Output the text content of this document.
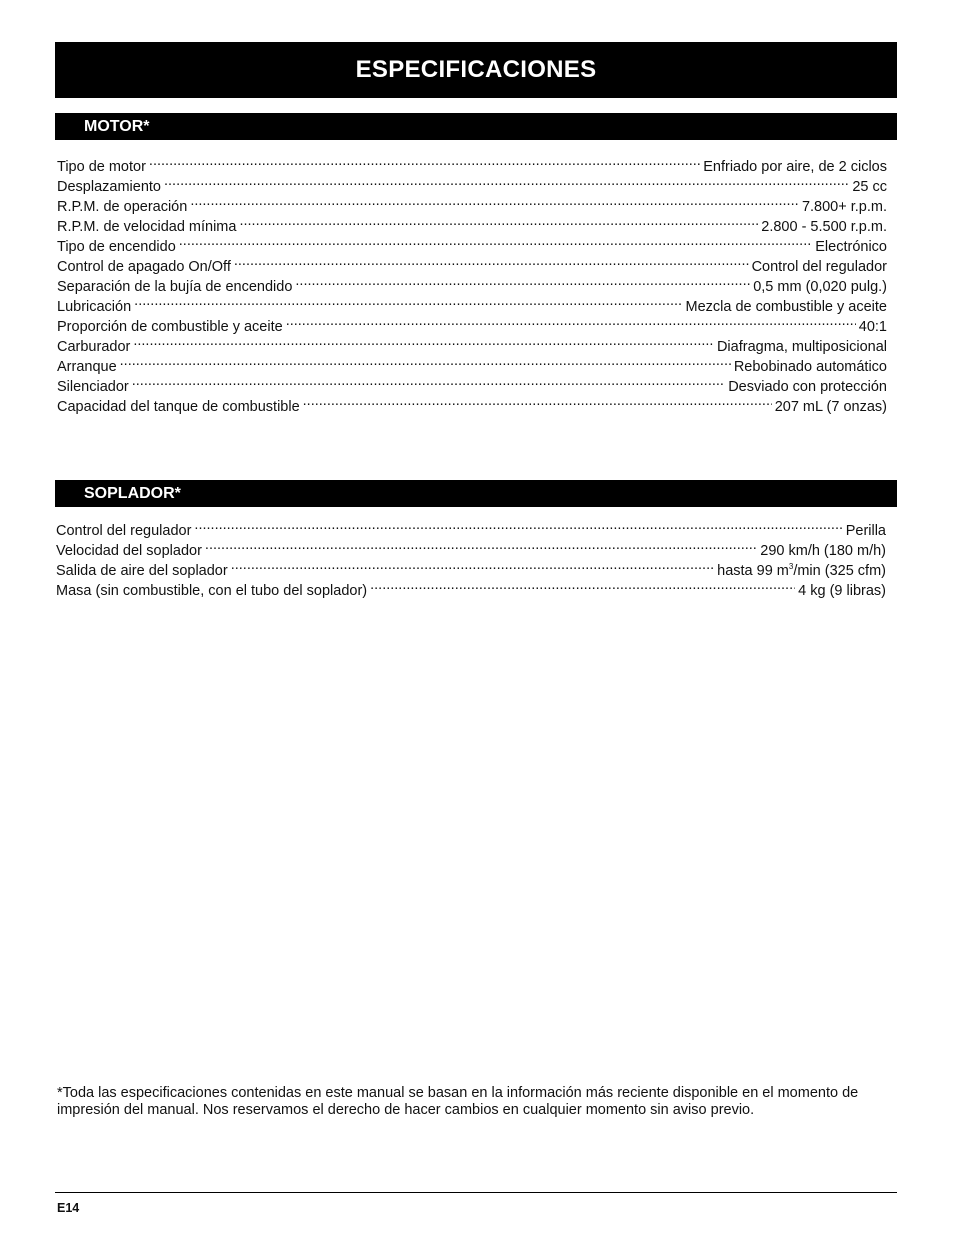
ESPECIFICACIONES
MOTOR*
Tipo de motor .....	Enfriado por aire, de 2 ciclos
Desplazamiento .....	25 cc
R.P.M. de operación .....	7.800+ r.p.m.
R.P.M. de velocidad mínima .....	2.800 - 5.500 r.p.m.
Tipo de encendido .....	Electrónico
Control de apagado On/Off .....	Control del regulador
Separación de la bujía de encendido .....	0,5 mm (0,020 pulg.)
Lubricación .....	Mezcla de combustible y aceite
Proporción de combustible y aceite .....	40:1
Carburador .....	Diafragma, multiposicional
Arranque .....	Rebobinado automático
Silenciador .....	Desviado con protección
Capacidad del tanque de combustible .....	207 mL (7 onzas)
SOPLADOR*
Control del regulador .....	Perilla
Velocidad del soplador .....	290 km/h (180 m/h)
Salida de aire del soplador .....	hasta 99 $m^3/\min$ (325 cfm)
Masa (sin combustible, con el tubo del soplador) .....	4 kg (9 libras)
*Toda las especificaciones contenidas en este manual se basan en la información más reciente disponible en el momento de impresión del manual. Nos reservamos el derecho de hacer cambios en cualquier momento sin aviso previo.
E14
